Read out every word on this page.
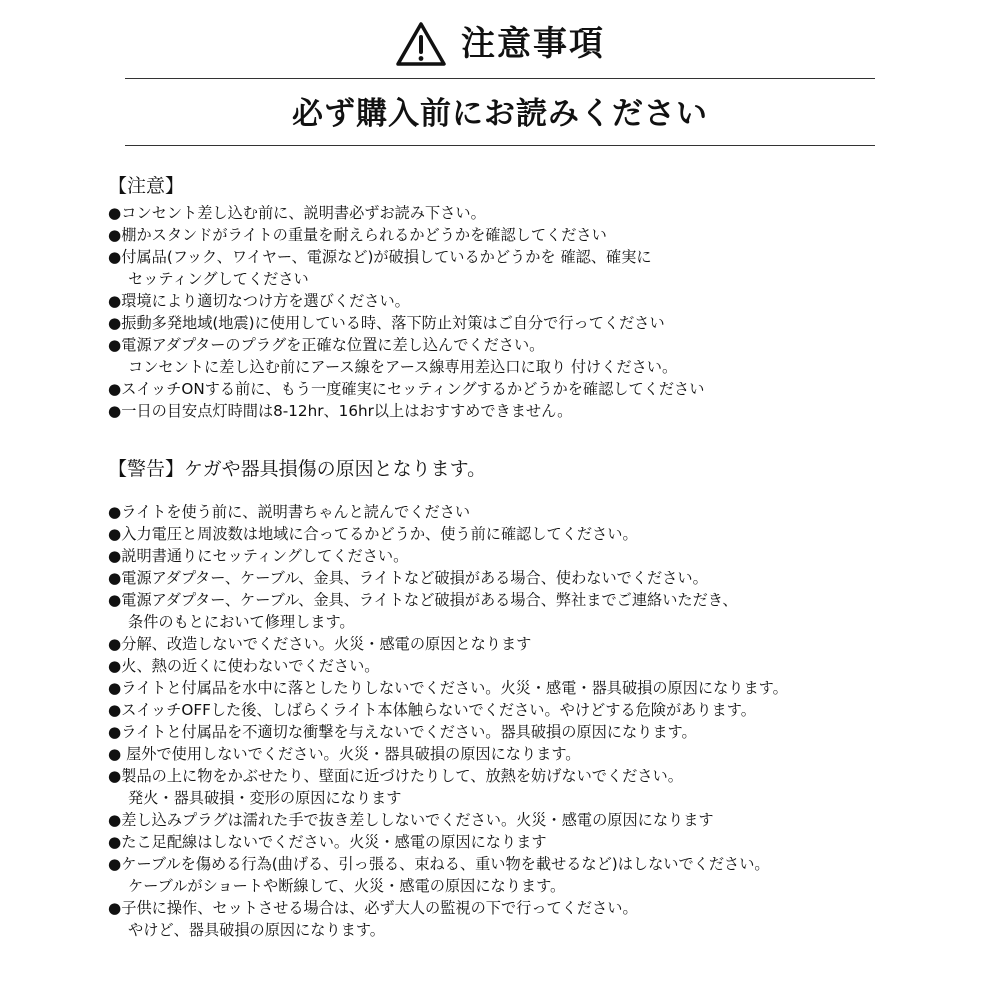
注意事項
必ず購入前にお読みください
【注意】
●コンセント差し込む前に、説明書必ずお読み下さい。
●棚かスタンドがライトの重量を耐えられるかどうかを確認してください
●付属品(フック、ワイヤー、電源など)が破損しているかどうかを 確認、確実に
セッティングしてください
●環境により適切なつけ方を選びください。
●振動多発地域(地震)に使用している時、落下防止対策はご自分で行ってください
●電源アダプターのプラグを正確な位置に差し込んでください。
コンセントに差し込む前にアース線をアース線専用差込口に取り 付けください。
●スイッチONする前に、もう一度確実にセッティングするかどうかを確認してください
●一日の目安点灯時間は8-12hr、16hr以上はおすすめできません。
【警告】ケガや器具損傷の原因となります。
●ライトを使う前に、説明書ちゃんと読んでください
●入力電圧と周波数は地域に合ってるかどうか、使う前に確認してください。
●説明書通りにセッティングしてください。
●電源アダプター、ケーブル、金具、ライトなど破損がある場合、使わないでください。
●電源アダプター、ケーブル、金具、ライトなど破損がある場合、弊社までご連絡いただき、
条件のもとにおいて修理します。
●分解、改造しないでください。火災・感電の原因となります
●火、熱の近くに使わないでください。
●ライトと付属品を水中に落としたりしないでください。火災・感電・器具破損の原因になります。
●スイッチOFFした後、しばらくライト本体触らないでください。やけどする危険があります。
●ライトと付属品を不適切な衝撃を与えないでください。器具破損の原因になります。
● 屋外で使用しないでください。火災・器具破損の原因になります。
●製品の上に物をかぶせたり、壁面に近づけたりして、放熱を妨げないでください。
発火・器具破損・変形の原因になります
●差し込みプラグは濡れた手で抜き差ししないでください。火災・感電の原因になります
●たこ足配線はしないでください。火災・感電の原因になります
●ケーブルを傷める行為(曲げる、引っ張る、束ねる、重い物を載せるなど)はしないでください。
ケーブルがショートや断線して、火災・感電の原因になります。
●子供に操作、セットさせる場合は、必ず大人の監視の下で行ってください。
やけど、器具破損の原因になります。
